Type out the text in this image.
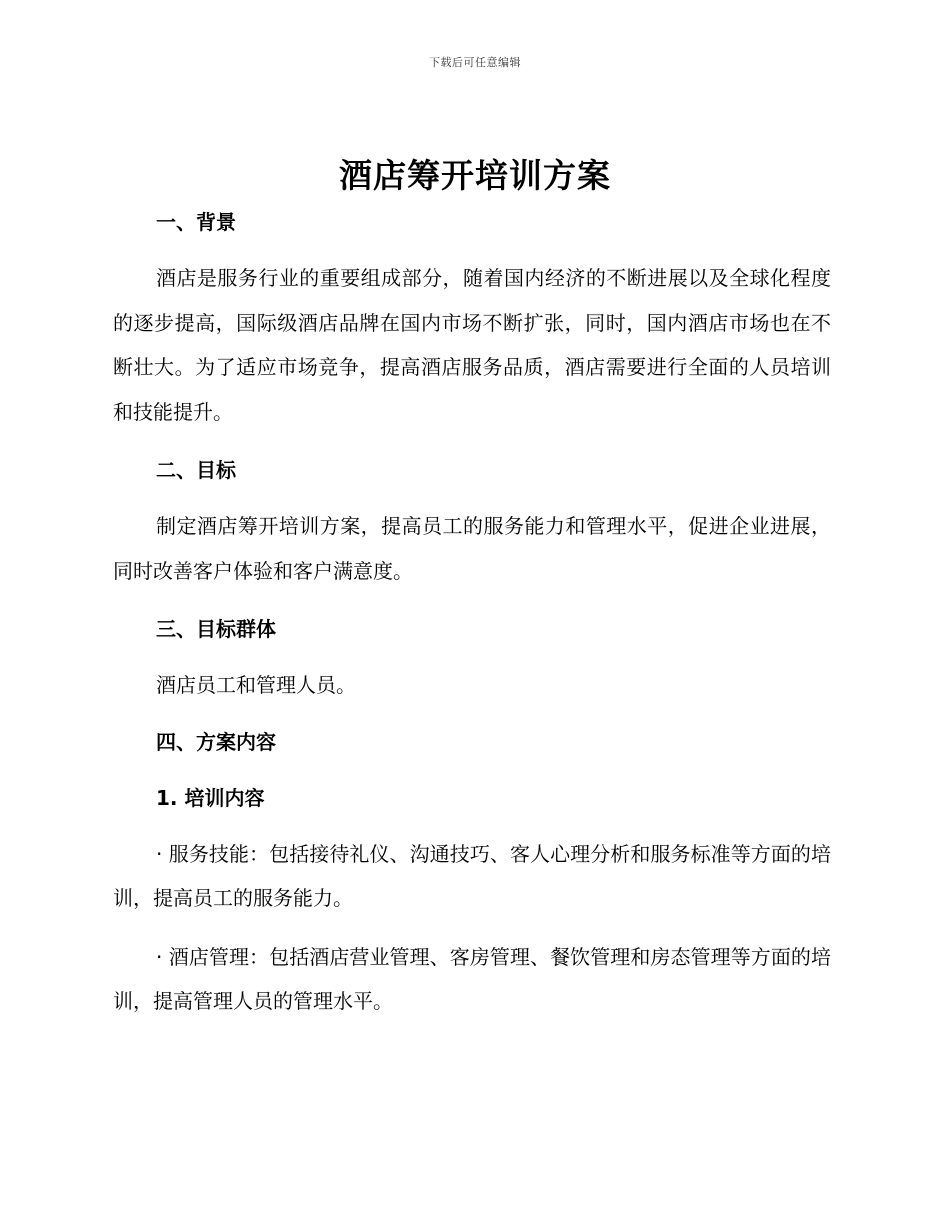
下载后可任意编辑
酒店筹开培训方案

一、背景

酒店是服务行业的重要组成部分，随着国内经济的不断进展以及全球化程度的逐步提高，国际级酒店品牌在国内市场不断扩张，同时，国内酒店市场也在不断壮大。为了适应市场竞争，提高酒店服务品质，酒店需要进行全面的人员培训和技能提升。

二、目标

制定酒店筹开培训方案，提高员工的服务能力和管理水平，促进企业进展，同时改善客户体验和客户满意度。

三、目标群体

酒店员工和管理人员。

四、方案内容

1. 培训内容

· 服务技能：包括接待礼仪、沟通技巧、客人心理分析和服务标准等方面的培训，提高员工的服务能力。

· 酒店管理：包括酒店营业管理、客房管理、餐饮管理和房态管理等方面的培训，提高管理人员的管理水平。
